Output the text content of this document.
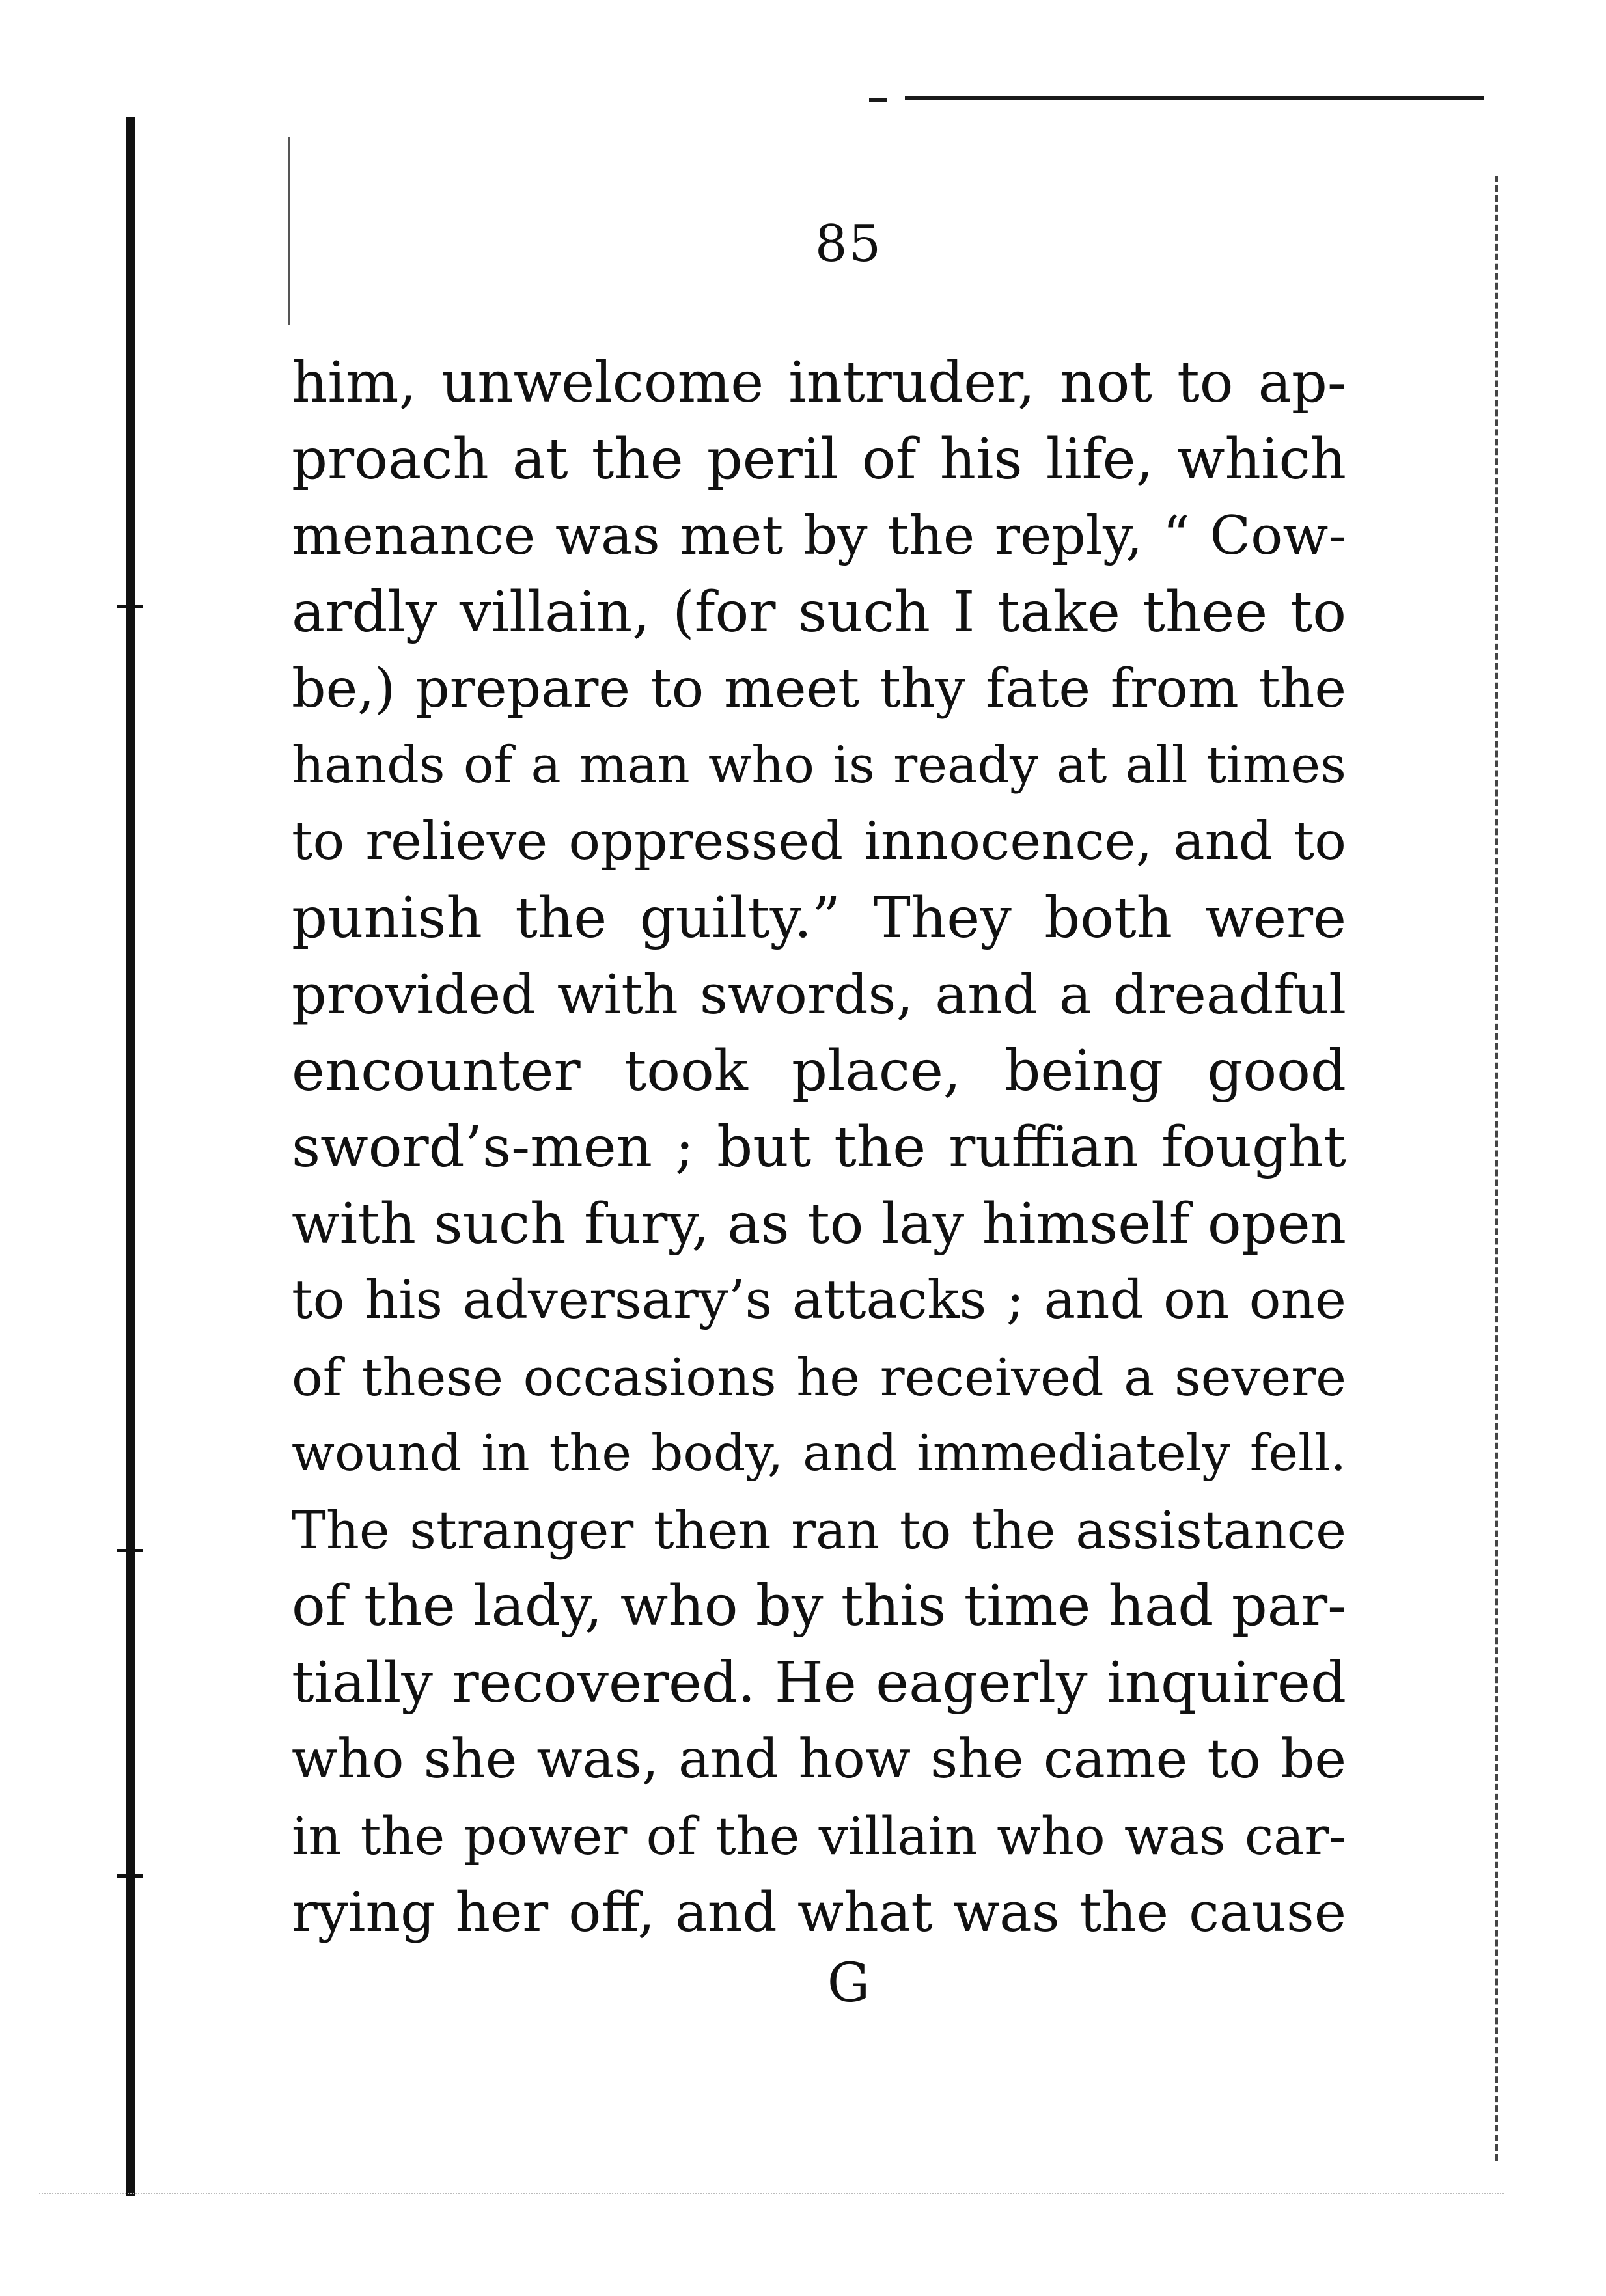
85
him, unwelcome intruder, not to ap-
proach at the peril of his life, which
menance was met by the reply, “ Cow-
ardly villain, (for such I take thee to
be,) prepare to meet thy fate from the
hands of a man who is ready at all times
to relieve oppressed innocence, and to
punish the guilty.” They both were
provided with swords, and a dreadful
encounter took place, being good
sword’s-men ; but the ruffian fought
with such fury, as to lay himself open
to his adversary’s attacks ; and on one
of these occasions he received a severe
wound in the body, and immediately fell.
The stranger then ran to the assistance
of the lady, who by this time had par-
tially recovered. He eagerly inquired
who she was, and how she came to be
in the power of the villain who was car-
rying her off, and what was the cause
G
